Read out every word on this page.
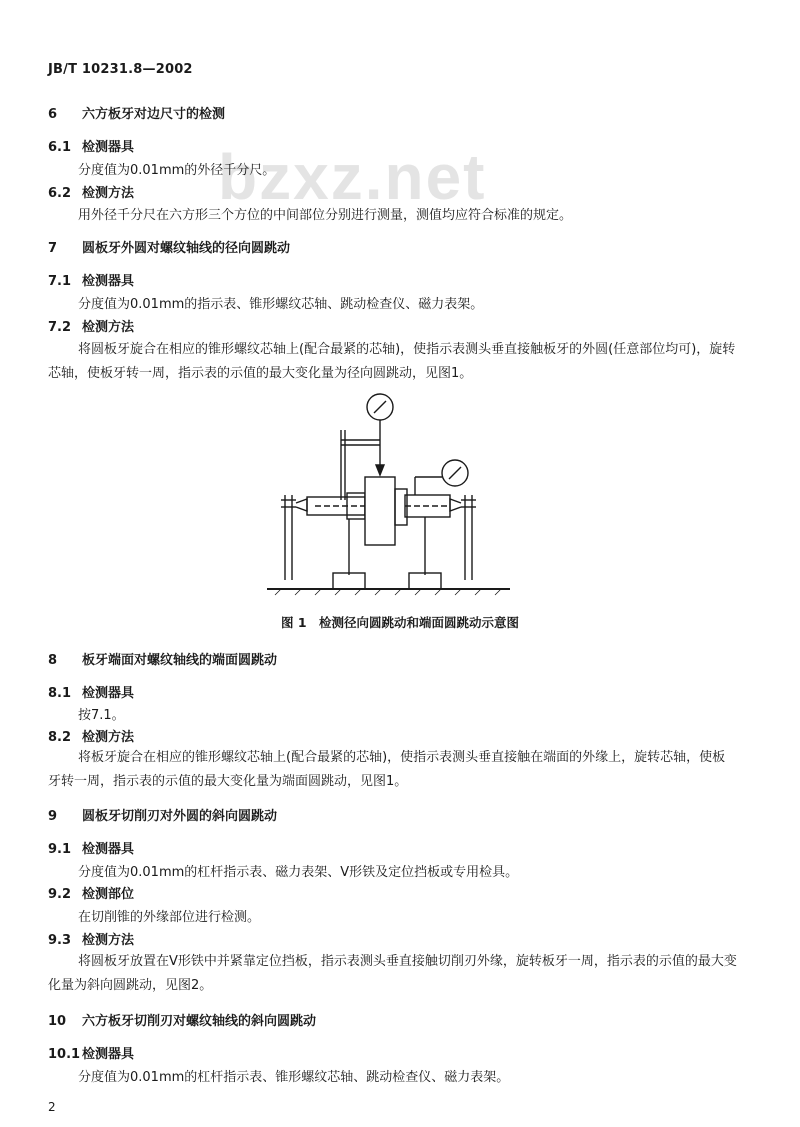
JB/T 10231.8—2002
bzxz.net
6 六方板牙对边尺寸的检测
6.1 检测器具
分度值为0.01mm的外径千分尺。
6.2 检测方法
用外径千分尺在六方形三个方位的中间部位分别进行测量，测值均应符合标准的规定。
7 圆板牙外圆对螺纹轴线的径向圆跳动
7.1 检测器具
分度值为0.01mm的指示表、锥形螺纹芯轴、跳动检查仪、磁力表架。
7.2 检测方法
将圆板牙旋合在相应的锥形螺纹芯轴上(配合最紧的芯轴)，使指示表测头垂直接触板牙的外圆(任意部位均可)，旋转芯轴，使板牙转一周，指示表的示值的最大变化量为径向圆跳动，见图1。
图 1　检测径向圆跳动和端面圆跳动示意图
8 板牙端面对螺纹轴线的端面圆跳动
8.1 检测器具
按7.1。
8.2 检测方法
将板牙旋合在相应的锥形螺纹芯轴上(配合最紧的芯轴)，使指示表测头垂直接触在端面的外缘上，旋转芯轴，使板牙转一周，指示表的示值的最大变化量为端面圆跳动，见图1。
9 圆板牙切削刃对外圆的斜向圆跳动
9.1 检测器具
分度值为0.01mm的杠杆指示表、磁力表架、V形铁及定位挡板或专用检具。
9.2 检测部位
在切削锥的外缘部位进行检测。
9.3 检测方法
将圆板牙放置在V形铁中并紧靠定位挡板，指示表测头垂直接触切削刃外缘，旋转板牙一周，指示表的示值的最大变化量为斜向圆跳动，见图2。
10 六方板牙切削刃对螺纹轴线的斜向圆跳动
10.1 检测器具
分度值为0.01mm的杠杆指示表、锥形螺纹芯轴、跳动检查仪、磁力表架。
2
